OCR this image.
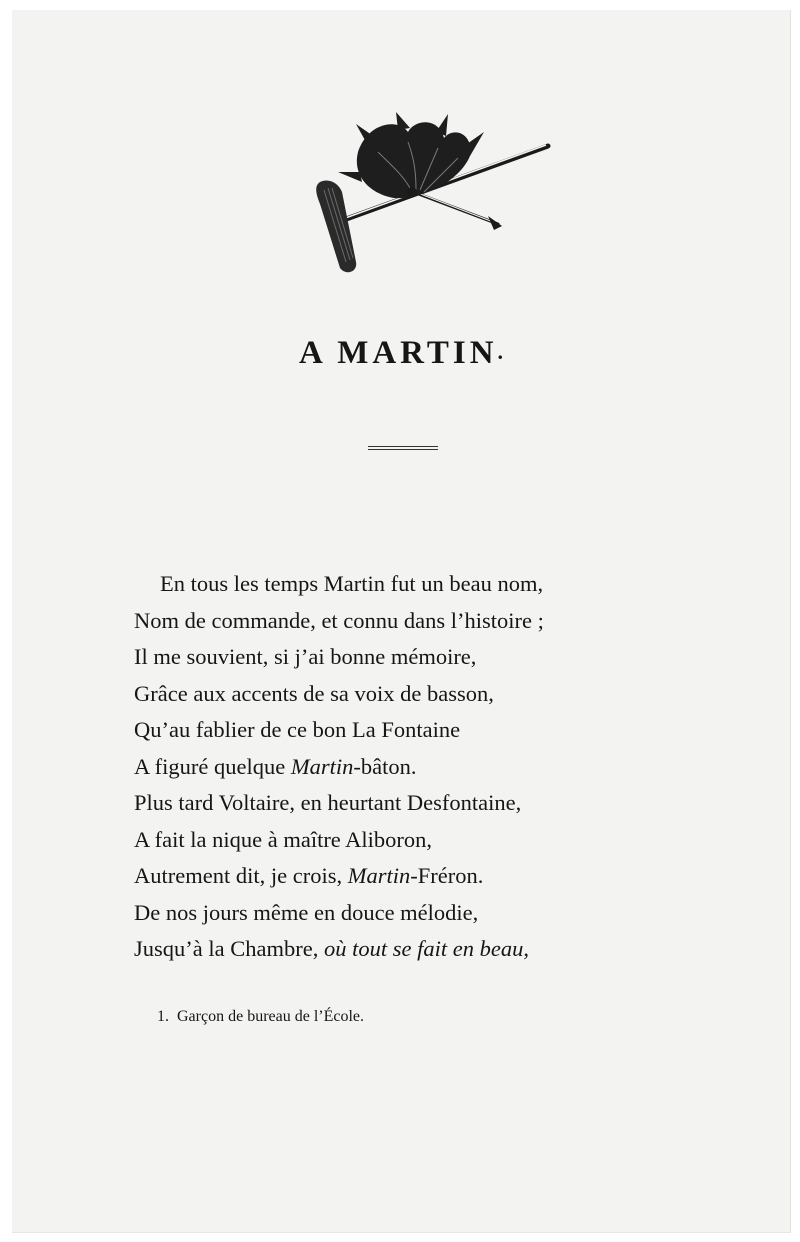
A MARTIN.
En tous les temps Martin fut un beau nom,
Nom de commande, et connu dans l’histoire ;
Il me souvient, si j’ai bonne mémoire,
Grâce aux accents de sa voix de basson,
Qu’au fablier de ce bon La Fontaine
A figuré quelque Martin-bâton.
Plus tard Voltaire, en heurtant Desfontaine,
A fait la nique à maître Aliboron,
Autrement dit, je crois, Martin-Fréron.
De nos jours même en douce mélodie,
Jusqu’à la Chambre, où tout se fait en beau,
1. Garçon de bureau de l’École.
